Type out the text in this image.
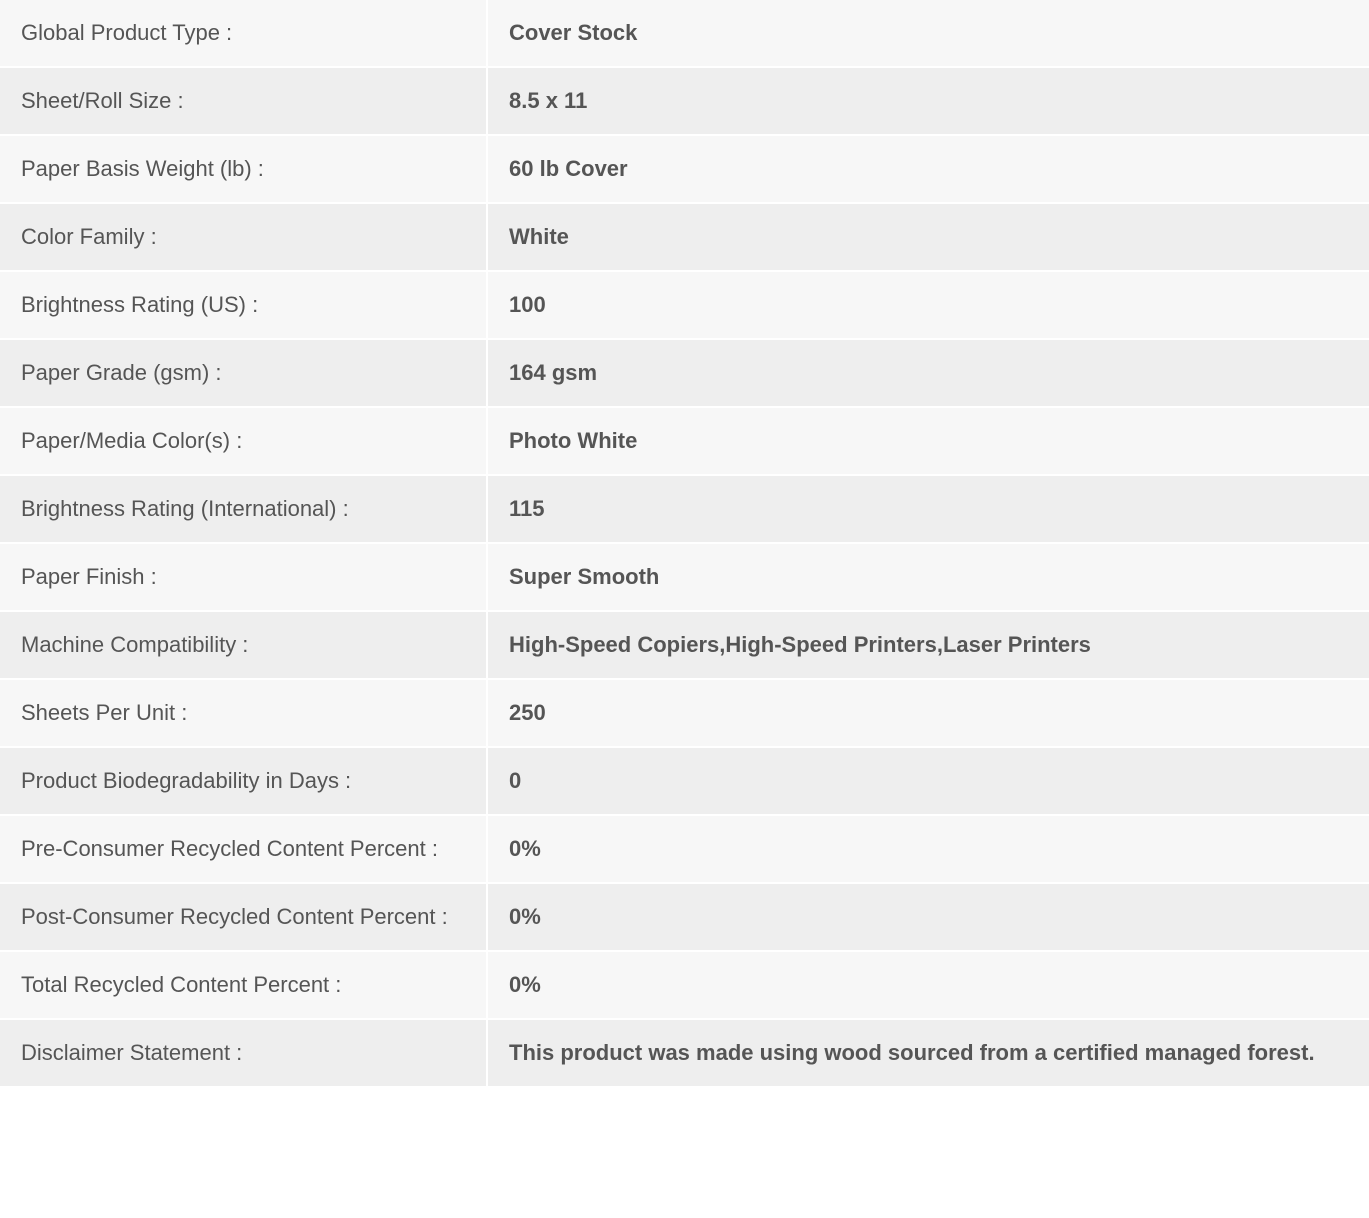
Global Product Type :	Cover Stock
Sheet/Roll Size :	8.5 x 11
Paper Basis Weight (lb) :	60 lb Cover
Color Family :	White
Brightness Rating (US) :	100
Paper Grade (gsm) :	164 gsm
Paper/Media Color(s) :	Photo White
Brightness Rating (International) :	115
Paper Finish :	Super Smooth
Machine Compatibility :	High-Speed Copiers,High-Speed Printers,Laser Printers
Sheets Per Unit :	250
Product Biodegradability in Days :	0
Pre-Consumer Recycled Content Percent :	0%
Post-Consumer Recycled Content Percent :	0%
Total Recycled Content Percent :	0%
Disclaimer Statement :	This product was made using wood sourced from a certified managed forest.
